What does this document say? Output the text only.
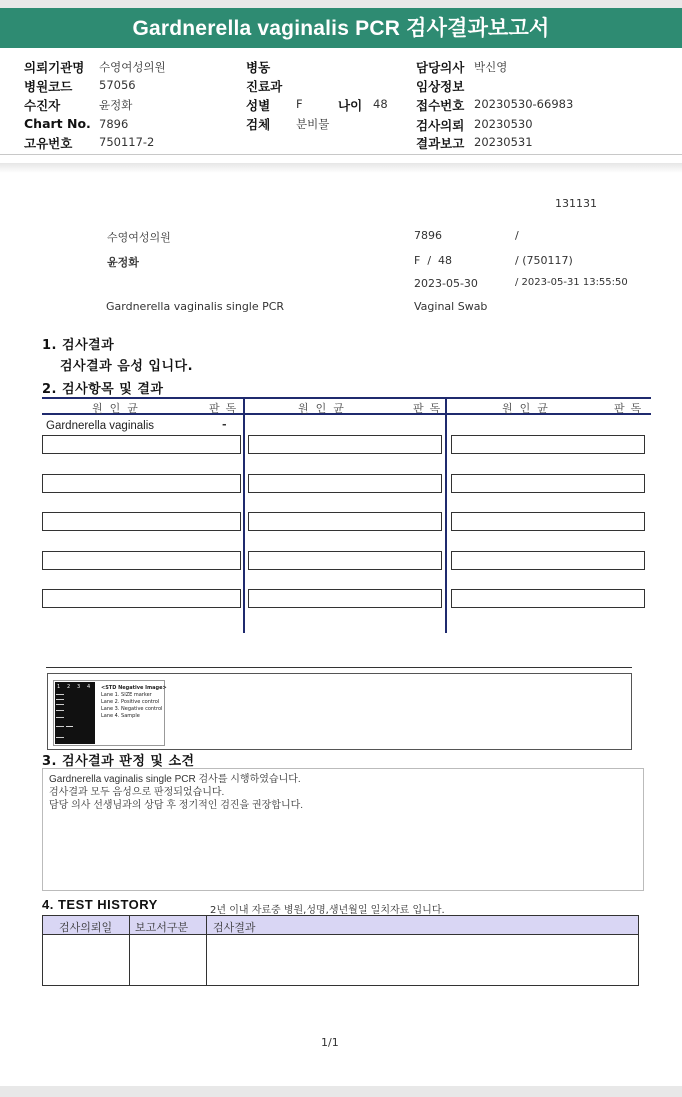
Gardnerella vaginalis PCR 검사결과보고서
의뢰기관명 수영여성의원
병원코드 57056
수진자	윤정화
Chart No. 7896
고유번호 750117-2
병동
진료과
성별 F	나이 48
검체 분비물
담당의사 박신영
임상정보
접수번호 20230530-66983
검사의뢰 20230530
결과보고 20230531
131131
수영여성의원	7896	/
윤정화	F  /  48	/ (750117)
2023-05-30	/ 2023-05-31 13:55:50
Gardnerella vaginalis single PCR	Vaginal Swab
1. 검사결과
검사결과 음성 입니다.
2. 검사항목 및 결과
원인균	판독	원인균	판독	원인균	판독
Gardnerella vaginalis	-
1 2 3 4 <STD Negative Image>
Lane 1. SIZE marker
Lane 2. Positive control
Lane 3. Negative control
Lane 4. Sample
3. 검사결과 판정 및 소견
Gardnerella vaginalis single PCR 검사를 시행하였습니다.
검사결과 모두 음성으로 판정되었습니다.
담당 의사 선생님과의 상담 후 정기적인 검진을 권장합니다.
4. TEST HISTORY	2년 이내 자료중 병원,성명,생년월일 일치자료 입니다.
검사의뢰일 보고서구분 검사결과
1/1
